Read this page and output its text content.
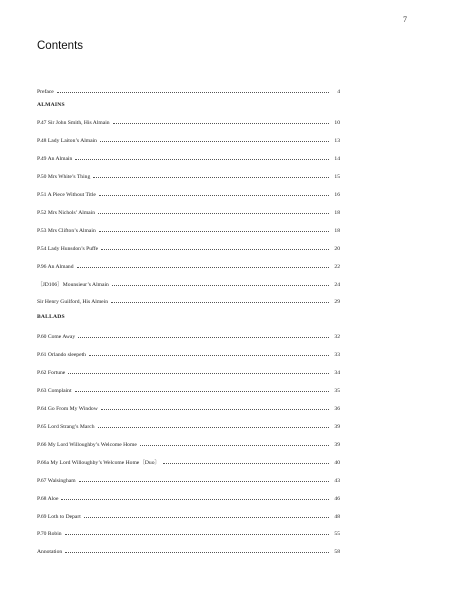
7
Contents
Preface	4
ALMAINS
P.47 Sir John Smith, His Almain	10
P.48 Lady Laiton’s Almain	13
P.49 An Almain	14
P.50 Mrs White’s Thing	15
P.51 A Piece Without Title	16
P.52 Mrs Nichols’ Almain	18
P.53 Mrs Clifton’s Almain	18
P.54 Lady Hunsdon’s Puffe	20
P.96 An Almand	22
〔JD106〕Mounsieur’s Almain	24
Sir Henry Guilford, His Almein	29
BALLADS
P.60 Come Away	32
P.61 Orlando sleepeth	33
P.62 Fortune	34
P.63 Complaint	35
P.64 Go From My Window	36
P.65 Lord Strang’s March	39
P.66 My Lord Willoughby’s Welcome Home	39
P.66a My Lord Willoughby’s Welcome Home〔Duo〕	40
P.67 Walsingham	43
P.68 Aloe	46
P.69 Loth to Depart	48
P.70 Robin	55
Annotation	58
